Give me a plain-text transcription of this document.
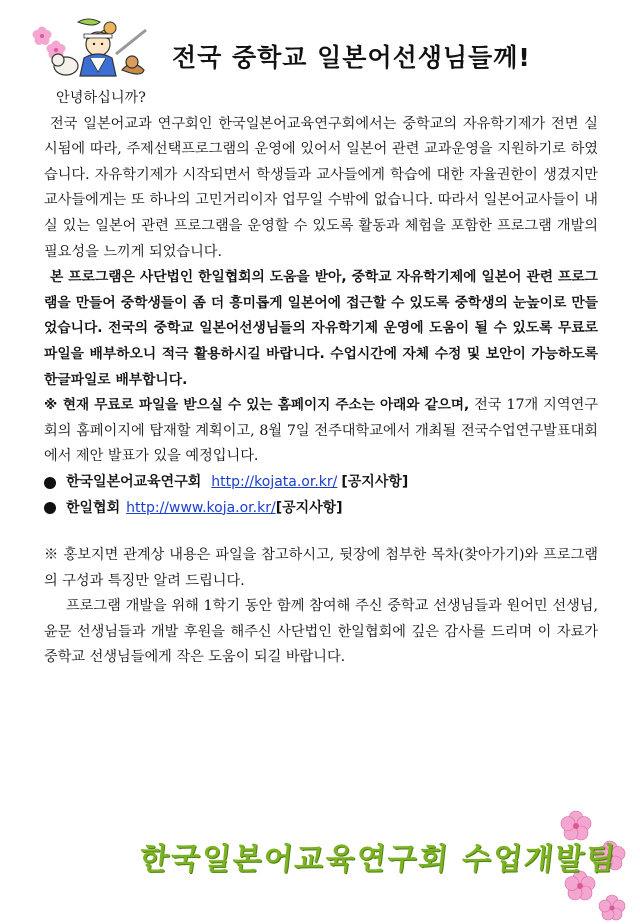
전국 중학교 일본어선생님들께!

안녕하십니까?

전국 일본어교과 연구회인 한국일본어교육연구회에서는 중학교의 자유학기제가 전면 실시됨에 따라, 주제선택프로그램의 운영에 있어서 일본어 관련 교과운영을 지원하기로 하였습니다. 자유학기제가 시작되면서 학생들과 교사들에게 학습에 대한 자율권한이 생겼지만 교사들에게는 또 하나의 고민거리이자 업무일 수밖에 없습니다. 따라서 일본어교사들이 내실 있는 일본어 관련 프로그램을 운영할 수 있도록 활동과 체험을 포함한 프로그램 개발의 필요성을 느끼게 되었습니다.

본 프로그램은 사단법인 한일협회의 도움을 받아, 중학교 자유학기제에 일본어 관련 프로그램을 만들어 중학생들이 좀 더 흥미롭게 일본어에 접근할 수 있도록 중학생의 눈높이로 만들었습니다. 전국의 중학교 일본어선생님들의 자유학기제 운영에 도움이 될 수 있도록 무료로 파일을 배부하오니 적극 활용하시길 바랍니다. 수업시간에 자체 수정 및 보안이 가능하도록 한글파일로 배부합니다.

※ 현재 무료로 파일을 받으실 수 있는 홈페이지 주소는 아래와 같으며, 전국 17개 지역연구회의 홈페이지에 탑재할 계획이고, 8월 7일 전주대학교에서 개최될 전국수업연구발표대회에서 제안 발표가 있을 예정입니다.

한국일본어교육연구회 http://kojata.or.kr/ [공지사항]
한일협회 http://www.koja.or.kr/ [공지사항]

※ 홍보지면 관계상 내용은 파일을 참고하시고, 뒷장에 첨부한 목차(찾아가기)와 프로그램의 구성과 특징만 알려 드립니다.

프로그램 개발을 위해 1학기 동안 함께 참여해 주신 중학교 선생님들과 원어민 선생님, 윤문 선생님들과 개발 후원을 해주신 사단법인 한일협회에 깊은 감사를 드리며 이 자료가 중학교 선생님들에게 작은 도움이 되길 바랍니다.

한국일본어교육연구회 수업개발팀
